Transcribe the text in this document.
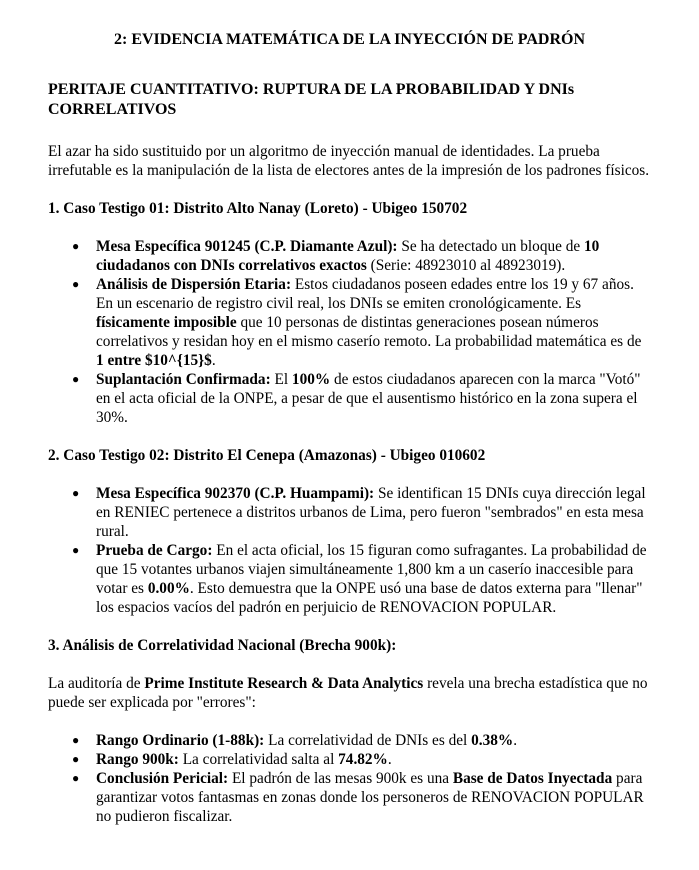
2: EVIDENCIA MATEMÁTICA DE LA INYECCIÓN DE PADRÓN

PERITAJE CUANTITATIVO: RUPTURA DE LA PROBABILIDAD Y DNIs CORRELATIVOS

El azar ha sido sustituido por un algoritmo de inyección manual de identidades. La prueba irrefutable es la manipulación de la lista de electores antes de la impresión de los padrones físicos.

1. Caso Testigo 01: Distrito Alto Nanay (Loreto) - Ubigeo 150702

● Mesa Específica 901245 (C.P. Diamante Azul): Se ha detectado un bloque de 10 ciudadanos con DNIs correlativos exactos (Serie: 48923010 al 48923019).
● Análisis de Dispersión Etaria: Estos ciudadanos poseen edades entre los 19 y 67 años. En un escenario de registro civil real, los DNIs se emiten cronológicamente. Es físicamente imposible que 10 personas de distintas generaciones posean números correlativos y residan hoy en el mismo caserío remoto. La probabilidad matemática es de 1 entre $10^{15}$.
● Suplantación Confirmada: El 100% de estos ciudadanos aparecen con la marca "Votó" en el acta oficial de la ONPE, a pesar de que el ausentismo histórico en la zona supera el 30%.

2. Caso Testigo 02: Distrito El Cenepa (Amazonas) - Ubigeo 010602

● Mesa Específica 902370 (C.P. Huampami): Se identifican 15 DNIs cuya dirección legal en RENIEC pertenece a distritos urbanos de Lima, pero fueron "sembrados" en esta mesa rural.
● Prueba de Cargo: En el acta oficial, los 15 figuran como sufragantes. La probabilidad de que 15 votantes urbanos viajen simultáneamente 1,800 km a un caserío inaccesible para votar es 0.00%. Esto demuestra que la ONPE usó una base de datos externa para "llenar" los espacios vacíos del padrón en perjuicio de RENOVACION POPULAR.

3. Análisis de Correlatividad Nacional (Brecha 900k):

La auditoría de Prime Institute Research & Data Analytics revela una brecha estadística que no puede ser explicada por "errores":

● Rango Ordinario (1-88k): La correlatividad de DNIs es del 0.38%.
● Rango 900k: La correlatividad salta al 74.82%.
● Conclusión Pericial: El padrón de las mesas 900k es una Base de Datos Inyectada para garantizar votos fantasmas en zonas donde los personeros de RENOVACION POPULAR no pudieron fiscalizar.
